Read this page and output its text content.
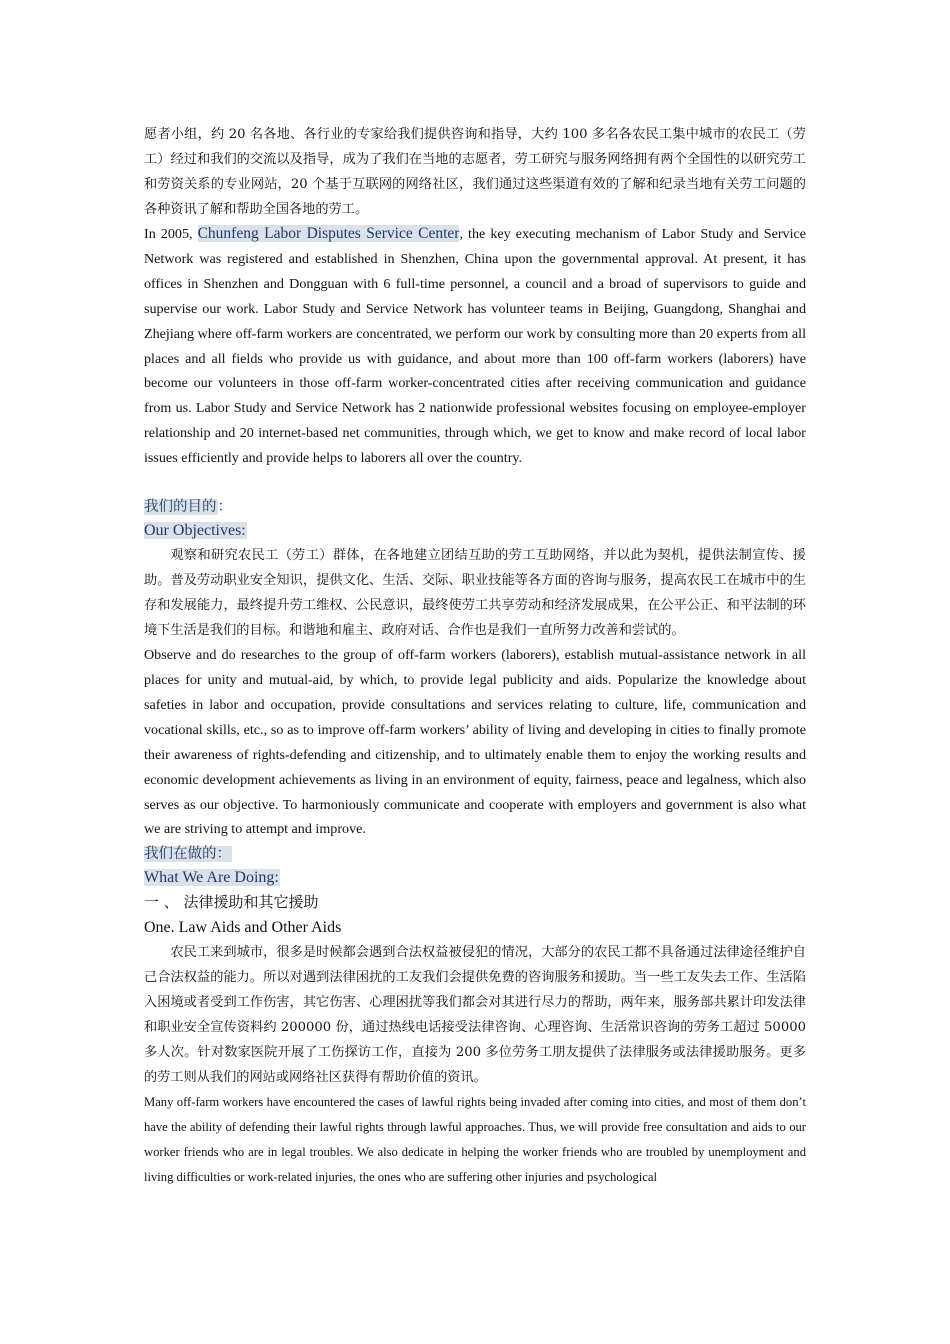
愿者小组，约 20 名各地、各行业的专家给我们提供咨询和指导，大约 100 多名各农民工集中城市的农民工（劳工）经过和我们的交流以及指导，成为了我们在当地的志愿者，劳工研究与服务网络拥有两个全国性的以研究劳工和劳资关系的专业网站，20 个基于互联网的网络社区，我们通过这些渠道有效的了解和纪录当地有关劳工问题的各种资讯了解和帮助全国各地的劳工。

In 2005, Chunfeng Labor Disputes Service Center, the key executing mechanism of Labor Study and Service Network was registered and established in Shenzhen, China upon the governmental approval. At present, it has offices in Shenzhen and Dongguan with 6 full-time personnel, a council and a broad of supervisors to guide and supervise our work. Labor Study and Service Network has volunteer teams in Beijing, Guangdong, Shanghai and Zhejiang where off-farm workers are concentrated, we perform our work by consulting more than 20 experts from all places and all fields who provide us with guidance, and about more than 100 off-farm workers (laborers) have become our volunteers in those off-farm worker-concentrated cities after receiving communication and guidance from us. Labor Study and Service Network has 2 nationwide professional websites focusing on employee-employer relationship and 20 internet-based net communities, through which, we get to know and make record of local labor issues efficiently and provide helps to laborers all over the country.

我们的目的：

Our Objectives:

观察和研究农民工（劳工）群体，在各地建立团结互助的劳工互助网络，并以此为契机，提供法制宣传、援助。普及劳动职业安全知识，提供文化、生活、交际、职业技能等各方面的咨询与服务，提高农民工在城市中的生存和发展能力，最终提升劳工维权、公民意识，最终使劳工共享劳动和经济发展成果，在公平公正、和平法制的环境下生活是我们的目标。和谐地和雇主、政府对话、合作也是我们一直所努力改善和尝试的。

Observe and do researches to the group of off-farm workers (laborers), establish mutual-assistance network in all places for unity and mutual-aid, by which, to provide legal publicity and aids. Popularize the knowledge about safeties in labor and occupation, provide consultations and services relating to culture, life, communication and vocational skills, etc., so as to improve off-farm workers’ ability of living and developing in cities to finally promote their awareness of rights-defending and citizenship, and to ultimately enable them to enjoy the working results and economic development achievements as living in an environment of equity, fairness, peace and legalness, which also serves as our objective. To harmoniously communicate and cooperate with employers and government is also what we are striving to attempt and improve.

我们在做的：

What We Are Doing:

一 、 法律援助和其它援助

One. Law Aids and Other Aids

农民工来到城市，很多是时候都会遇到合法权益被侵犯的情况，大部分的农民工都不具备通过法律途径维护自己合法权益的能力。所以对遇到法律困扰的工友我们会提供免费的咨询服务和援助。当一些工友失去工作、生活陷入困境或者受到工作伤害，其它伤害、心理困扰等我们都会对其进行尽力的帮助，两年来，服务部共累计印发法律和职业安全宣传资料约 200000 份，通过热线电话接受法律咨询、心理咨询、生活常识咨询的劳务工超过 50000 多人次。针对数家医院开展了工伤探访工作，直接为 200 多位劳务工朋友提供了法律服务或法律援助服务。更多的劳工则从我们的网站或网络社区获得有帮助价值的资讯。

Many off-farm workers have encountered the cases of lawful rights being invaded after coming into cities, and most of them don’t have the ability of defending their lawful rights through lawful approaches. Thus, we will provide free consultation and aids to our worker friends who are in legal troubles. We also dedicate in helping the worker friends who are troubled by unemployment and living difficulties or work-related injuries, the ones who are suffering other injuries and psychological
